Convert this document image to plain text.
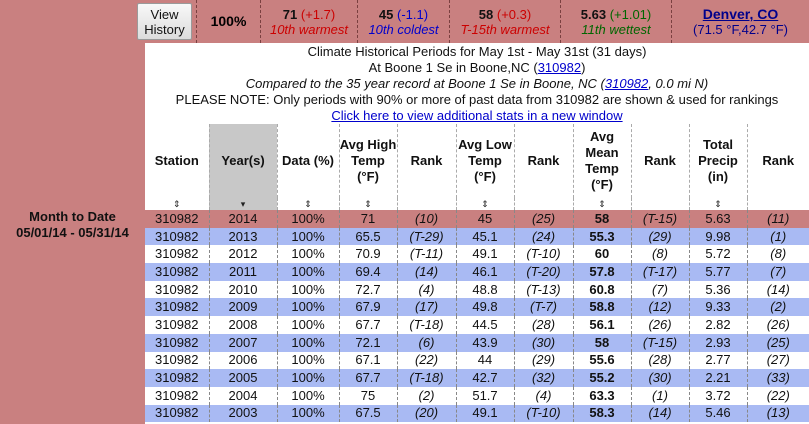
View
History 100%	71 (+1.7)
10th warmest
45 (-1.1)
10th coldest
58 (+0.3)
T-15th warmest
5.63 (+1.01)
11th wettest
Denver, CO
(71.5 °F,42.7 °F)
Month to Date
05/01/14 - 05/31/14
Climate Historical Periods for May 1st - May 31st (31 days)
At Boone 1 Se in Boone,NC (310982)
Compared to the 35 year record at Boone 1 Se in Boone, NC (310982, 0.0 mi N)
PLEASE NOTE: Only periods with 90% or more of past data from 310982 are shown & used for rankings
Click here to view additional stats in a new window
Station	Year(s)	Data (%)	Avg High Temp (°F)	Rank	Avg Low Temp (°F)	Rank	Avg Mean Temp (°F)	Rank	Total Precip (in)	Rank
⇕	▾	⇕	⇕		⇕		⇕		⇕	
310982	2014	100%	71	(10)	45	(25)	58	(T-15)	5.63	(11)
310982	2013	100%	65.5	(T-29)	45.1	(24)	55.3	(29)	9.98	(1)
310982	2012	100%	70.9	(T-11)	49.1	(T-10)	60	(8)	5.72	(8)
310982	2011	100%	69.4	(14)	46.1	(T-20)	57.8	(T-17)	5.77	(7)
310982	2010	100%	72.7	(4)	48.8	(T-13)	60.8	(7)	5.36	(14)
310982	2009	100%	67.9	(17)	49.8	(T-7)	58.8	(12)	9.33	(2)
310982	2008	100%	67.7	(T-18)	44.5	(28)	56.1	(26)	2.82	(26)
310982	2007	100%	72.1	(6)	43.9	(30)	58	(T-15)	2.93	(25)
310982	2006	100%	67.1	(22)	44	(29)	55.6	(28)	2.77	(27)
310982	2005	100%	67.7	(T-18)	42.7	(32)	55.2	(30)	2.21	(33)
310982	2004	100%	75	(2)	51.7	(4)	63.3	(1)	3.72	(22)
310982	2003	100%	67.5	(20)	49.1	(T-10)	58.3	(14)	5.46	(13)
